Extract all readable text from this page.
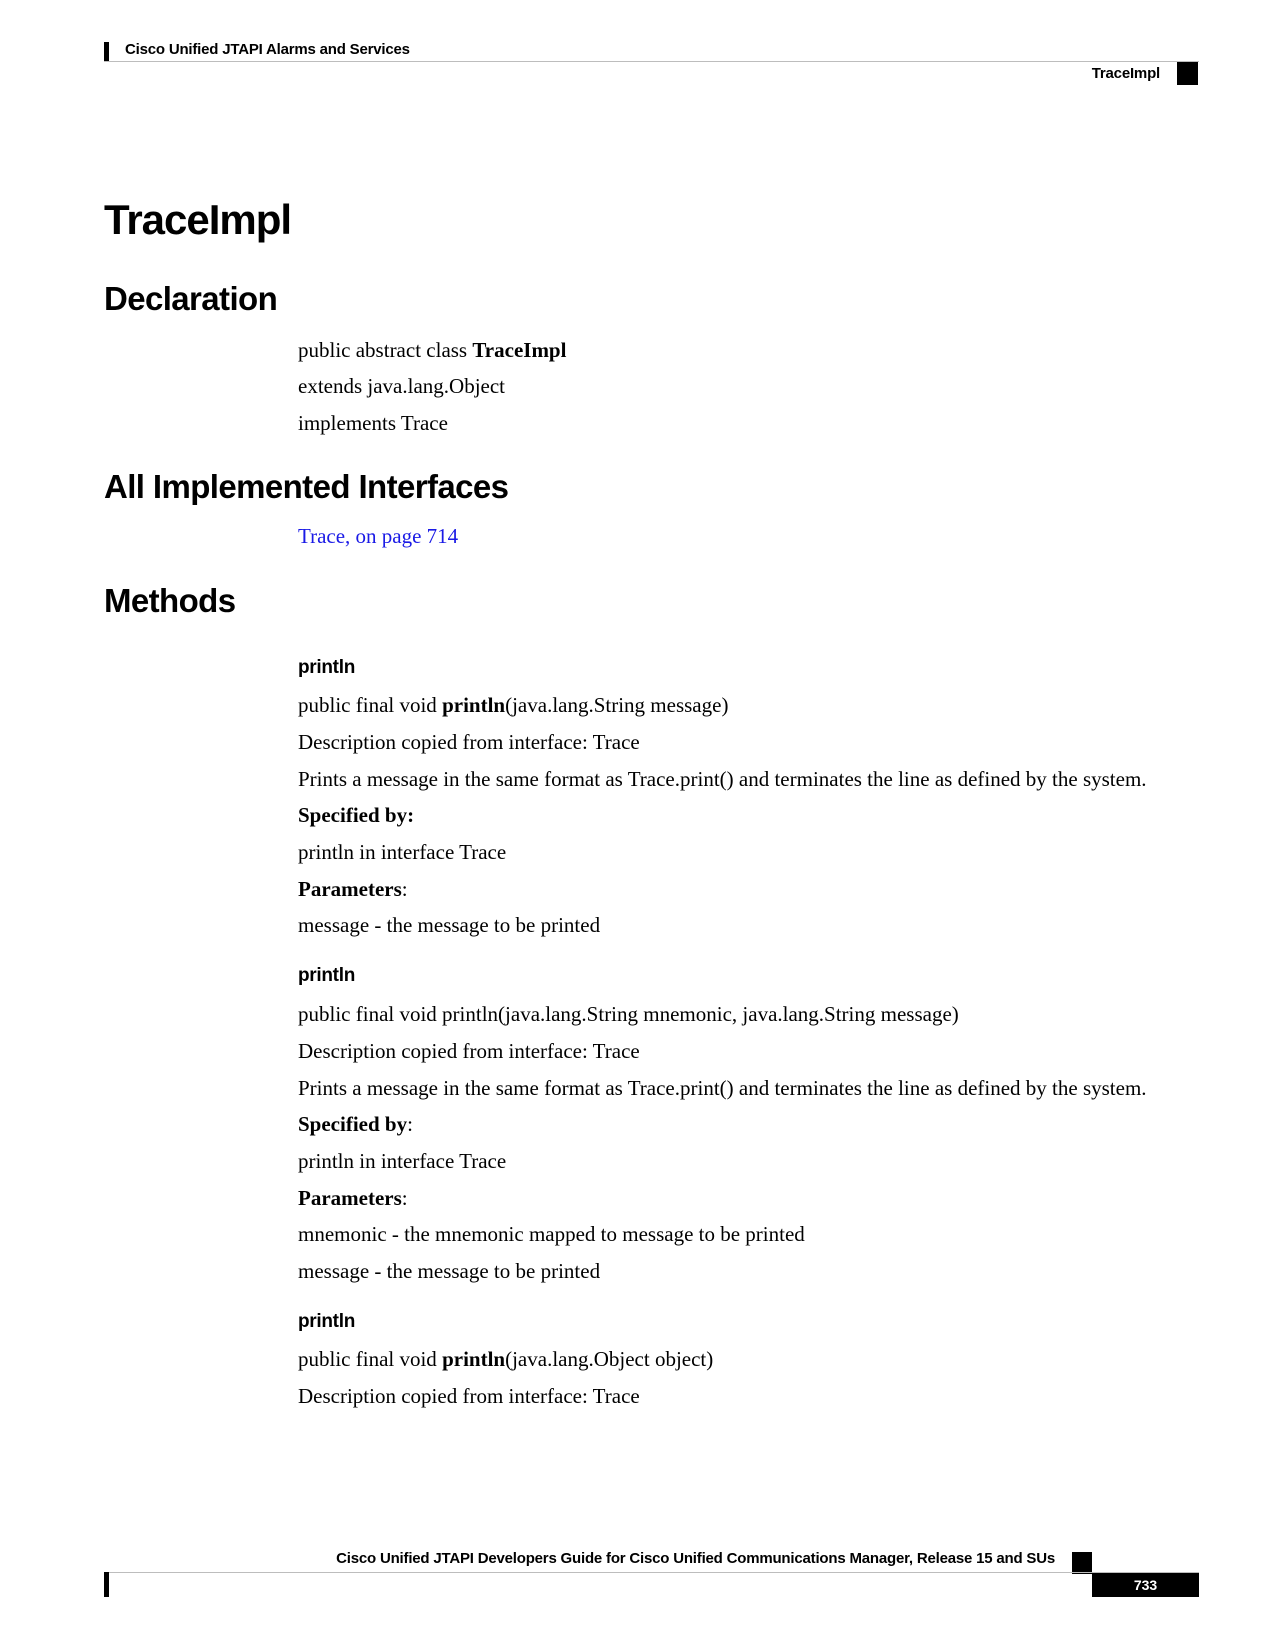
Cisco Unified JTAPI Alarms and Services
TraceImpl
TraceImpl
Declaration
public abstract class TraceImpl
extends java.lang.Object
implements Trace
All Implemented Interfaces
Trace, on page 714
Methods
println
public final void println(java.lang.String message)
Description copied from interface: Trace
Prints a message in the same format as Trace.print() and terminates the line as defined by the system.
Specified by:
println in interface Trace
Parameters:
message - the message to be printed
println
public final void println(java.lang.String mnemonic, java.lang.String message)
Description copied from interface: Trace
Prints a message in the same format as Trace.print() and terminates the line as defined by the system.
Specified by:
println in interface Trace
Parameters:
mnemonic - the mnemonic mapped to message to be printed
message - the message to be printed
println
public final void println(java.lang.Object object)
Description copied from interface: Trace
Cisco Unified JTAPI Developers Guide for Cisco Unified Communications Manager, Release 15 and SUs
733
